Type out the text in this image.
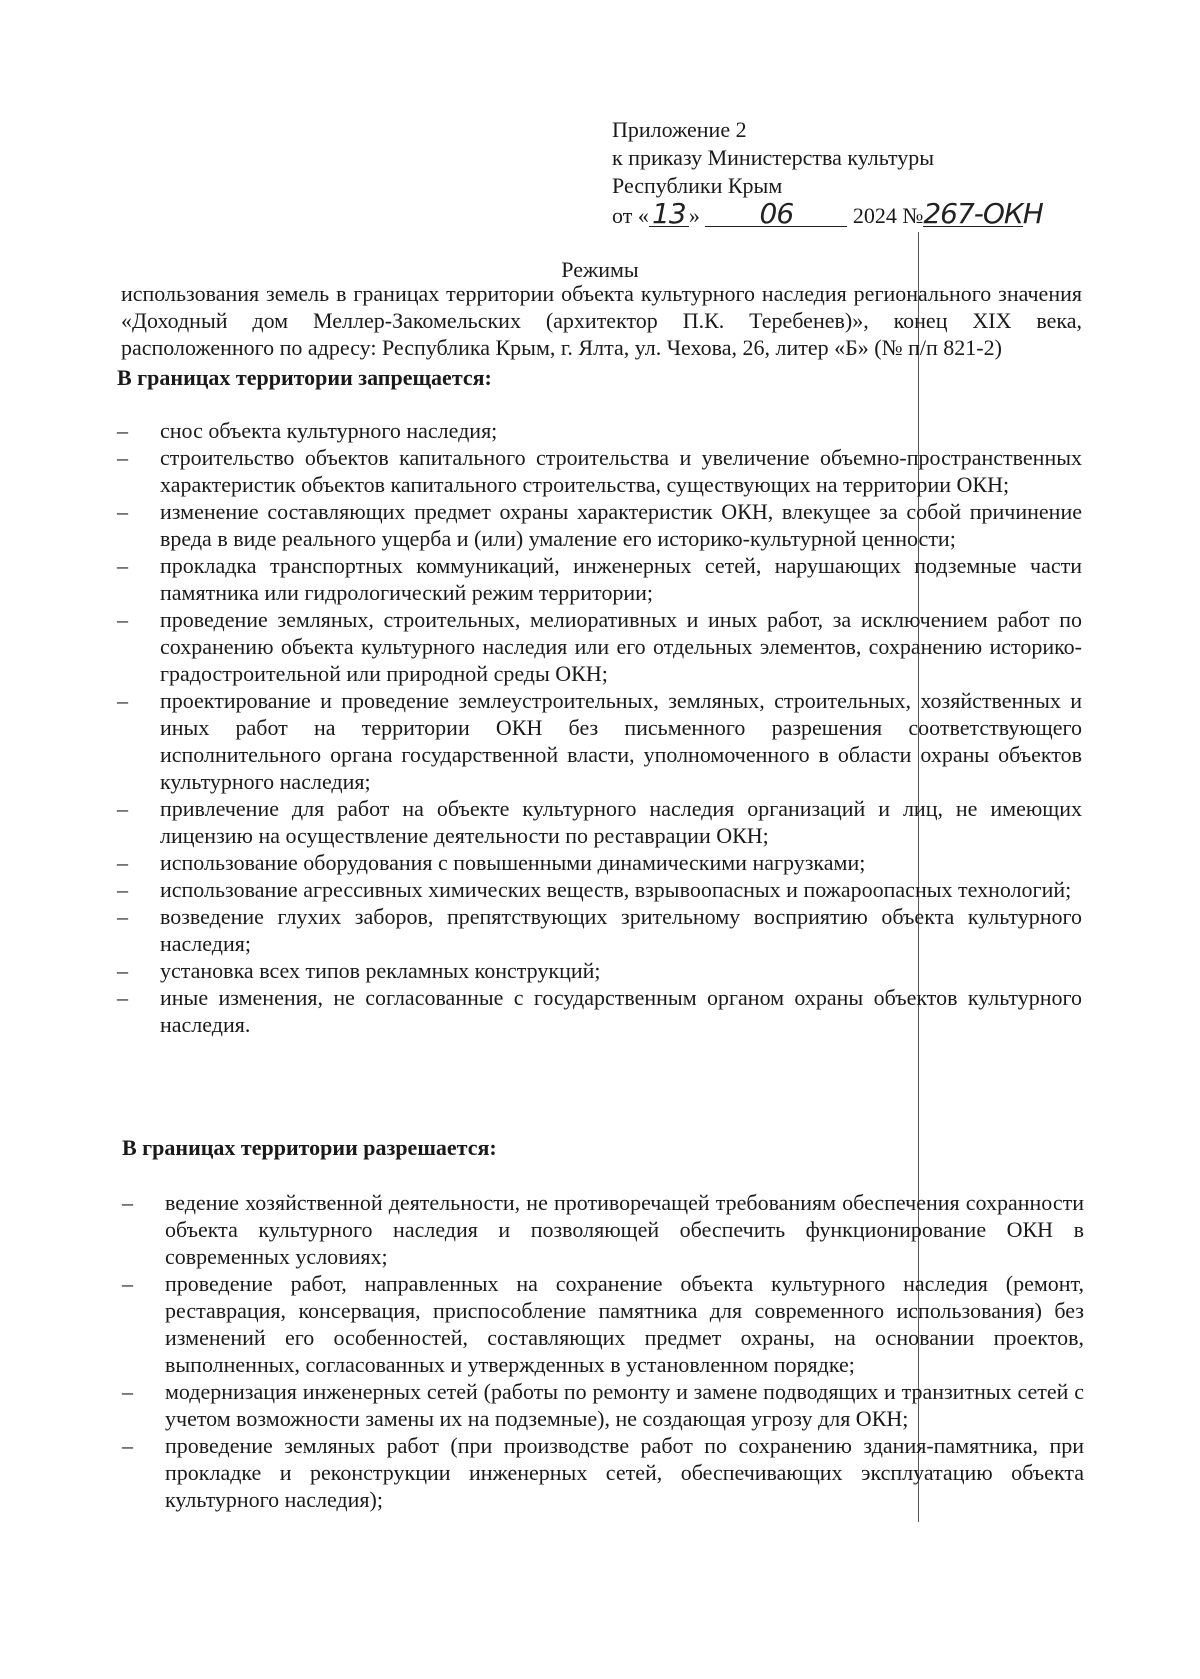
Приложение 2
к приказу Министерства культуры
Республики Крым
от « 13 » 06	2024 №267-ОКН
Режимы
использования земель в границах территории объекта культурного наследия регионального значения «Доходный дом Меллер-Закомельских (архитектор П.К. Теребенев)», конец XIX века, расположенного по адресу: Республика Крым, г. Ялта, ул. Чехова, 26, литер «Б» (№ п/п 821-2)
В границах территории запрещается:
– снос объекта культурного наследия;
– строительство объектов капитального строительства и увеличение объемно-пространственных характеристик объектов капитального строительства, существующих на территории ОКН;
– изменение составляющих предмет охраны характеристик ОКН, влекущее за собой причинение вреда в виде реального ущерба и (или) умаление его историко-культурной ценности;
– прокладка транспортных коммуникаций, инженерных сетей, нарушающих подземные части памятника или гидрологический режим территории;
– проведение земляных, строительных, мелиоративных и иных работ, за исключением работ по сохранению объекта культурного наследия или его отдельных элементов, сохранению историко-градостроительной или природной среды ОКН;
– проектирование и проведение землеустроительных, земляных, строительных, хозяйственных и иных работ на территории ОКН без письменного разрешения соответствующего исполнительного органа государственной власти, уполномоченного в области охраны объектов культурного наследия;
– привлечение для работ на объекте культурного наследия организаций и лиц, не имеющих лицензию на осуществление деятельности по реставрации ОКН;
– использование оборудования с повышенными динамическими нагрузками;
– использование агрессивных химических веществ, взрывоопасных и пожароопасных технологий;
– возведение глухих заборов, препятствующих зрительному восприятию объекта культурного наследия;
– установка всех типов рекламных конструкций;
– иные изменения, не согласованные с государственным органом охраны объектов культурного наследия.
В границах территории разрешается:
– ведение хозяйственной деятельности, не противоречащей требованиям обеспечения сохранности объекта культурного наследия и позволяющей обеспечить функционирование ОКН в современных условиях;
– проведение работ, направленных на сохранение объекта культурного наследия (ремонт, реставрация, консервация, приспособление памятника для современного использования) без изменений его особенностей, составляющих предмет охраны, на основании проектов, выполненных, согласованных и утвержденных в установленном порядке;
– модернизация инженерных сетей (работы по ремонту и замене подводящих и транзитных сетей с учетом возможности замены их на подземные), не создающая угрозу для ОКН;
– проведение земляных работ (при производстве работ по сохранению здания-памятника, при прокладке и реконструкции инженерных сетей, обеспечивающих эксплуатацию объекта культурного наследия);
